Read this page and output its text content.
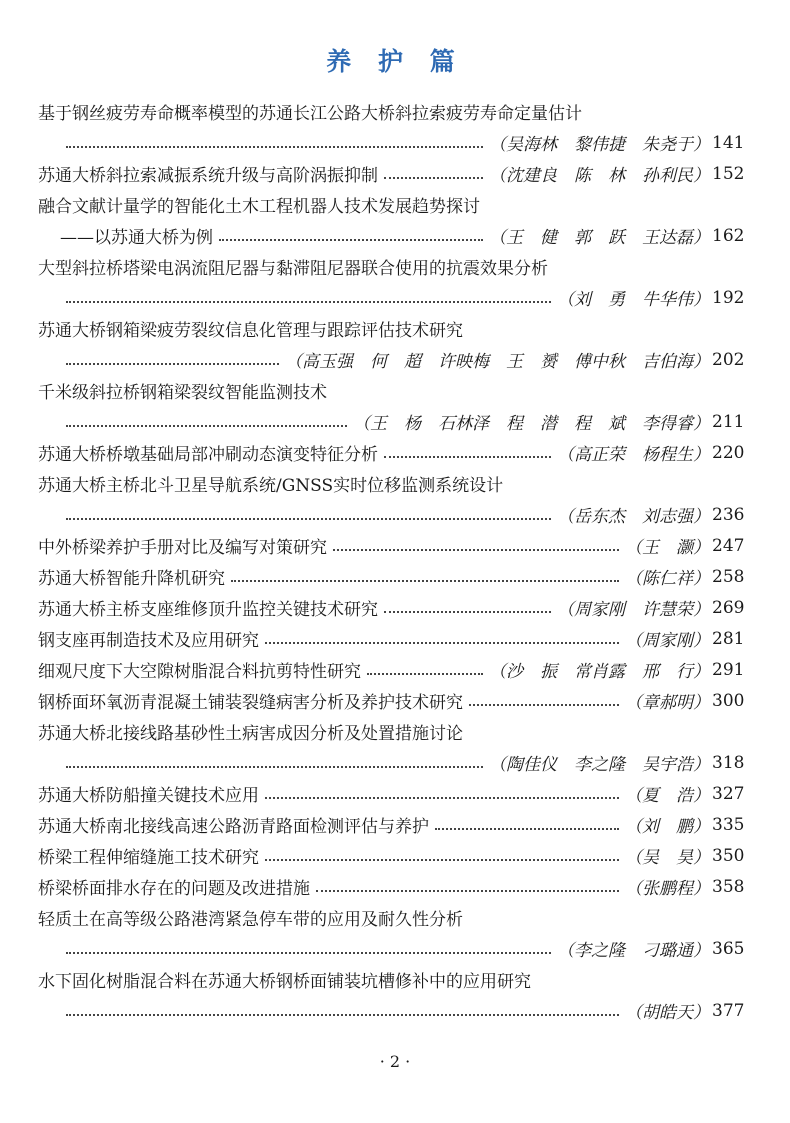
养 护 篇
基于钢丝疲劳寿命概率模型的苏通长江公路大桥斜拉索疲劳寿命定量估计
（吴海林　黎伟捷　朱尧于） 141
苏通大桥斜拉索减振系统升级与高阶涡振抑制	（沈建良　陈　林　孙利民） 152
融合文献计量学的智能化土木工程机器人技术发展趋势探讨
——以苏通大桥为例	（王　健　郭　跃　王达磊） 162
大型斜拉桥塔梁电涡流阻尼器与黏滞阻尼器联合使用的抗震效果分析
（刘　勇　牛华伟） 192
苏通大桥钢箱梁疲劳裂纹信息化管理与跟踪评估技术研究
（高玉强　何　超　许映梅　王　赟　傅中秋　吉伯海） 202
千米级斜拉桥钢箱梁裂纹智能监测技术
（王　杨　石林泽　程　潜　程　斌　李得睿） 211
苏通大桥桥墩基础局部冲刷动态演变特征分析	（高正荣　杨程生） 220
苏通大桥主桥北斗卫星导航系统/GNSS实时位移监测系统设计
（岳东杰　刘志强） 236
中外桥梁养护手册对比及编写对策研究	（王　灏） 247
苏通大桥智能升降机研究	（陈仁祥） 258
苏通大桥主桥支座维修顶升监控关键技术研究	（周家刚　许慧荣） 269
钢支座再制造技术及应用研究	（周家刚） 281
细观尺度下大空隙树脂混合料抗剪特性研究	（沙　振　常肖露　邢　行） 291
钢桥面环氧沥青混凝土铺装裂缝病害分析及养护技术研究	（章郝明） 300
苏通大桥北接线路基砂性土病害成因分析及处置措施讨论
（陶佳仪　李之隆　吴宇浩） 318
苏通大桥防船撞关键技术应用	（夏　浩） 327
苏通大桥南北接线高速公路沥青路面检测评估与养护	（刘　鹏） 335
桥梁工程伸缩缝施工技术研究	（吴　昊） 350
桥梁桥面排水存在的问题及改进措施	（张鹏程） 358
轻质土在高等级公路港湾紧急停车带的应用及耐久性分析
（李之隆　刁璐通） 365
水下固化树脂混合料在苏通大桥钢桥面铺装坑槽修补中的应用研究
（胡皓天） 377
· 2 ·
